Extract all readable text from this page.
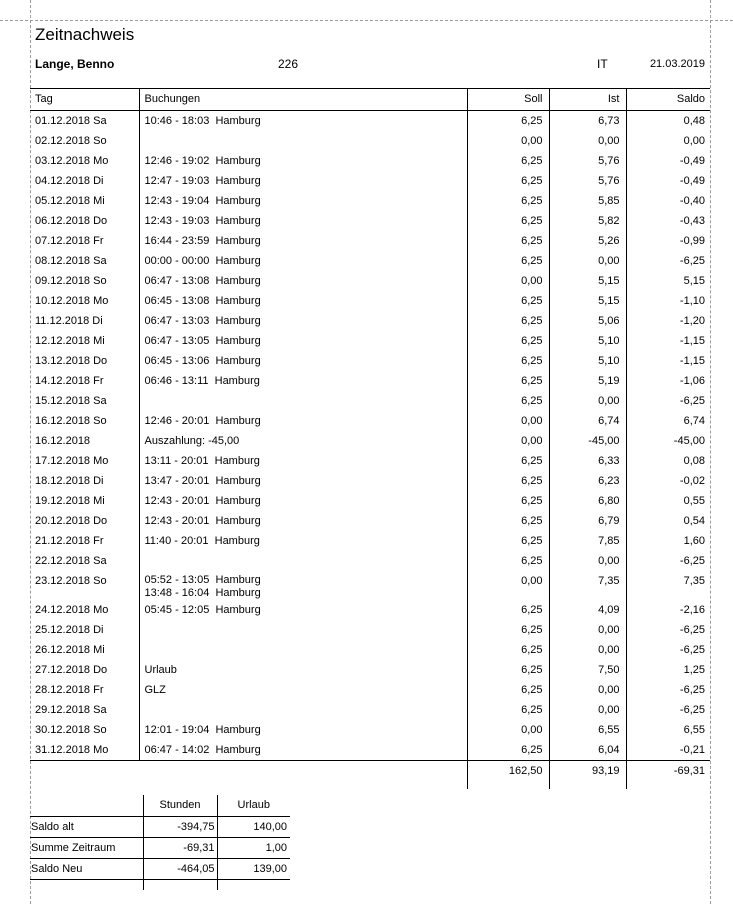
Zeitnachweis
Lange, Benno	226	IT	21.03.2019
Tag	Buchungen	Soll	Ist	Saldo
01.12.2018 Sa	10:46 - 18:03  Hamburg	6,25	6,73	0,48
02.12.2018 So		0,00	0,00	0,00
03.12.2018 Mo	12:46 - 19:02  Hamburg	6,25	5,76	-0,49
04.12.2018 Di	12:47 - 19:03  Hamburg	6,25	5,76	-0,49
05.12.2018 Mi	12:43 - 19:04  Hamburg	6,25	5,85	-0,40
06.12.2018 Do	12:43 - 19:03  Hamburg	6,25	5,82	-0,43
07.12.2018 Fr	16:44 - 23:59  Hamburg	6,25	5,26	-0,99
08.12.2018 Sa	00:00 - 00:00  Hamburg	6,25	0,00	-6,25
09.12.2018 So	06:47 - 13:08  Hamburg	0,00	5,15	5,15
10.12.2018 Mo	06:45 - 13:08  Hamburg	6,25	5,15	-1,10
11.12.2018 Di	06:47 - 13:03  Hamburg	6,25	5,06	-1,20
12.12.2018 Mi	06:47 - 13:05  Hamburg	6,25	5,10	-1,15
13.12.2018 Do	06:45 - 13:06  Hamburg	6,25	5,10	-1,15
14.12.2018 Fr	06:46 - 13:11  Hamburg	6,25	5,19	-1,06
15.12.2018 Sa		6,25	0,00	-6,25
16.12.2018 So	12:46 - 20:01  Hamburg	0,00	6,74	6,74
16.12.2018	Auszahlung: -45,00	0,00	-45,00	-45,00
17.12.2018 Mo	13:11 - 20:01  Hamburg	6,25	6,33	0,08
18.12.2018 Di	13:47 - 20:01  Hamburg	6,25	6,23	-0,02
19.12.2018 Mi	12:43 - 20:01  Hamburg	6,25	6,80	0,55
20.12.2018 Do	12:43 - 20:01  Hamburg	6,25	6,79	0,54
21.12.2018 Fr	11:40 - 20:01  Hamburg	6,25	7,85	1,60
22.12.2018 Sa		6,25	0,00	-6,25
23.12.2018 So	05:52 - 13:05  Hamburg
13:48 - 16:04  Hamburg	0,00	7,35	7,35
24.12.2018 Mo	05:45 - 12:05  Hamburg	6,25	4,09	-2,16
25.12.2018 Di		6,25	0,00	-6,25
26.12.2018 Mi		6,25	0,00	-6,25
27.12.2018 Do	Urlaub	6,25	7,50	1,25
28.12.2018 Fr	GLZ	6,25	0,00	-6,25
29.12.2018 Sa		6,25	0,00	-6,25
30.12.2018 So	12:01 - 19:04  Hamburg	0,00	6,55	6,55
31.12.2018 Mo	06:47 - 14:02  Hamburg	6,25	6,04	-0,21
		162,50	93,19	-69,31
	Stunden	Urlaub
Saldo alt	-394,75	140,00
Summe Zeitraum	-69,31	1,00
Saldo Neu	-464,05	139,00
